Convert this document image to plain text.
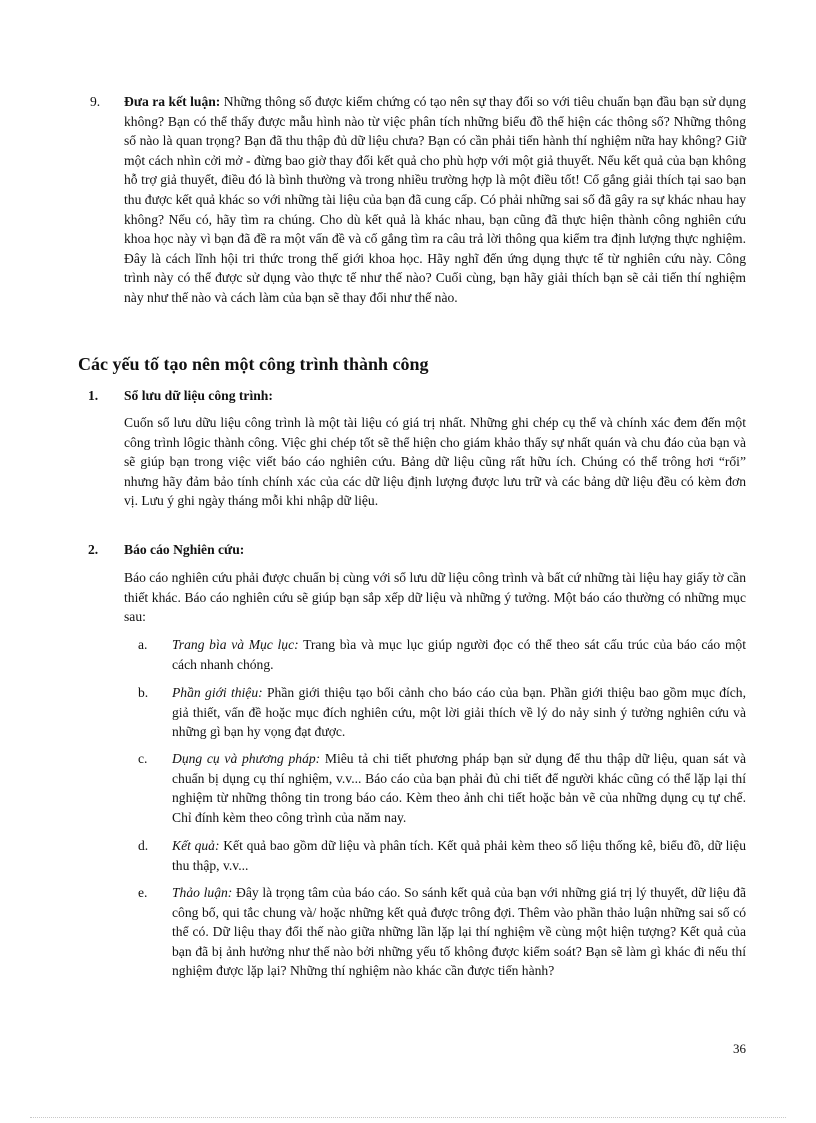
9. Đưa ra kết luận: Những thông số được kiểm chứng có tạo nên sự thay đổi so với tiêu chuẩn bạn đầu bạn sử dụng không? Bạn có thể thấy được mẫu hình nào từ việc phân tích những biểu đồ thể hiện các thông số? Những thông số nào là quan trọng? Bạn đã thu thập đủ dữ liệu chưa? Bạn có cần phải tiến hành thí nghiệm nữa hay không? Giữ một cách nhìn cởi mở - đừng bao giờ thay đổi kết quả cho phù hợp với một giả thuyết. Nếu kết quả của bạn không hỗ trợ giả thuyết, điều đó là bình thường và trong nhiều trường hợp là một điều tốt! Cố gắng giải thích tại sao bạn thu được kết quả khác so với những tài liệu của bạn đã cung cấp. Có phải những sai số đã gây ra sự khác nhau hay không? Nếu có, hãy tìm ra chúng. Cho dù kết quả là khác nhau, bạn cũng đã thực hiện thành công nghiên cứu khoa học này vì bạn đã đề ra một vấn đề và cố gắng tìm ra câu trả lời thông qua kiểm tra định lượng thực nghiệm. Đây là cách lĩnh hội tri thức trong thế giới khoa học. Hãy nghĩ đến ứng dụng thực tế từ nghiên cứu này. Công trình này có thể được sử dụng vào thực tế như thế nào? Cuối cùng, bạn hãy giải thích bạn sẽ cải tiến thí nghiệm này như thế nào và cách làm của bạn sẽ thay đổi như thế nào.
Các yếu tố tạo nên một công trình thành công
1. Sổ lưu dữ liệu công trình:
Cuốn sổ lưu dữu liệu công trình là một tài liệu có giá trị nhất. Những ghi chép cụ thể và chính xác đem đến một công trình lôgic thành công. Việc ghi chép tốt sẽ thể hiện cho giám khảo thấy sự nhất quán và chu đáo của bạn và sẽ giúp bạn trong việc viết báo cáo nghiên cứu. Bảng dữ liệu cũng rất hữu ích. Chúng có thể trông hơi “rối” nhưng hãy đảm bảo tính chính xác của các dữ liệu định lượng được lưu trữ và các bảng dữ liệu đều có kèm đơn vị. Lưu ý ghi ngày tháng mỗi khi nhập dữ liệu.
2. Báo cáo Nghiên cứu:
Báo cáo nghiên cứu phải được chuẩn bị cùng với sổ lưu dữ liệu công trình và bất cứ những tài liệu hay giấy tờ cần thiết khác. Báo cáo nghiên cứu sẽ giúp bạn sắp xếp dữ liệu và những ý tưởng. Một báo cáo thường có những mục sau:
a. Trang bìa và Mục lục: Trang bìa và mục lục giúp người đọc có thể theo sát cấu trúc của báo cáo một cách nhanh chóng.
b. Phần giới thiệu: Phần giới thiệu tạo bối cảnh cho báo cáo của bạn. Phần giới thiệu bao gồm mục đích, giả thiết, vấn đề hoặc mục đích nghiên cứu, một lời giải thích về lý do nảy sinh ý tưởng nghiên cứu và những gì bạn hy vọng đạt được.
c. Dụng cụ và phương pháp: Miêu tả chi tiết phương pháp bạn sử dụng để thu thập dữ liệu, quan sát và chuẩn bị dụng cụ thí nghiệm, v.v... Báo cáo của bạn phải đủ chi tiết để người khác cũng có thể lặp lại thí nghiệm từ những thông tin trong báo cáo. Kèm theo ảnh chi tiết hoặc bản vẽ của những dụng cụ tự chế. Chỉ đính kèm theo công trình của năm nay.
d. Kết quả: Kết quả bao gồm dữ liệu và phân tích. Kết quả phải kèm theo số liệu thống kê, biểu đồ, dữ liệu thu thập, v.v...
e. Thảo luận: Đây là trọng tâm của báo cáo. So sánh kết quả của bạn với những giá trị lý thuyết, dữ liệu đã công bố, qui tắc chung và/ hoặc những kết quả được trông đợi. Thêm vào phần thảo luận những sai số có thể có. Dữ liệu thay đổi thế nào giữa những lần lặp lại thí nghiệm về cùng một hiện tượng? Kết quả của bạn đã bị ảnh hưởng như thế nào bởi những yếu tố không được kiểm soát? Bạn sẽ làm gì khác đi nếu thí nghiệm được lặp lại? Những thí nghiệm nào khác cần được tiến hành?
36
